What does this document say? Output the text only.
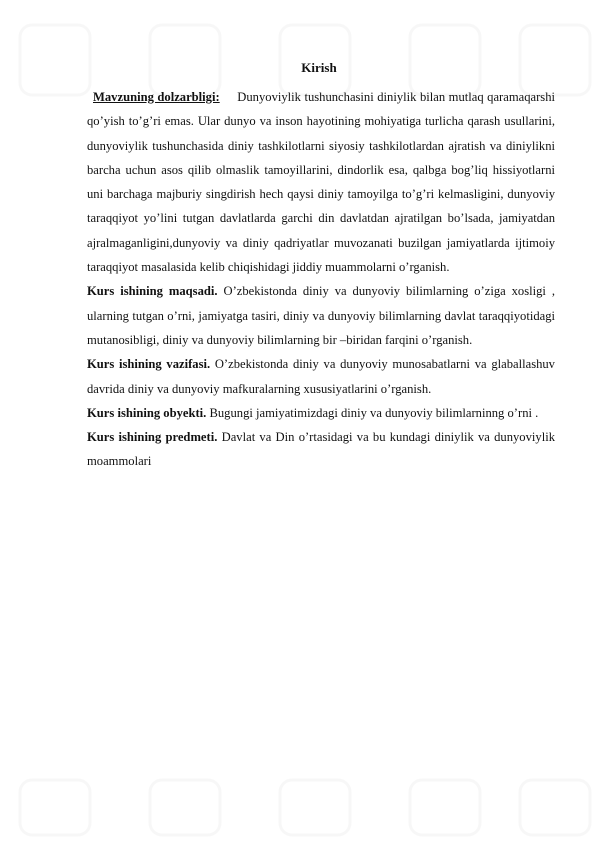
Kirish

Mavzuning dolzarbligi: Dunyoviylik tushunchasini diniylik bilan mutlaq qaramaqarshi qo’yish to’g’ri emas. Ular dunyo va inson hayotining mohiyatiga turlicha qarash usullarini, dunyoviylik tushunchasida diniy tashkilotlarni siyosiy tashkilotlardan ajratish va diniylikni barcha uchun asos qilib olmaslik tamoyillarini, dindorlik esa, qalbga bog’liq hissiyotlarni uni barchaga majburiy singdirish hech qaysi diniy tamoyilga to’g’ri kelmasligini, dunyoviy taraqqiyot yo’lini tutgan davlatlarda garchi din davlatdan ajratilgan bo’lsada, jamiyatdan ajralmaganligini,dunyoviy va diniy qadriyatlar muvozanati buzilgan jamiyatlarda ijtimoiy taraqqiyot masalasida kelib chiqishidagi jiddiy muammolarni o’rganish.

Kurs ishining maqsadi. O’zbekistonda diniy va dunyoviy bilimlarning o’ziga xosligi , ularning tutgan o’rni, jamiyatga tasiri, diniy va dunyoviy bilimlarning davlat taraqqiyotidagi mutanosibligi, diniy va dunyoviy bilimlarning bir –biridan farqini o’rganish.

Kurs ishining vazifasi. O’zbekistonda diniy va dunyoviy munosabatlarni va glaballashuv davrida diniy va dunyoviy mafkuralarning xususiyatlarini o’rganish.

Kurs ishining obyekti. Bugungi jamiyatimizdagi diniy va dunyoviy bilimlarninng o’rni .

Kurs ishining predmeti. Davlat va Din o’rtasidagi va bu kundagi diniylik va dunyoviylik moammolari
